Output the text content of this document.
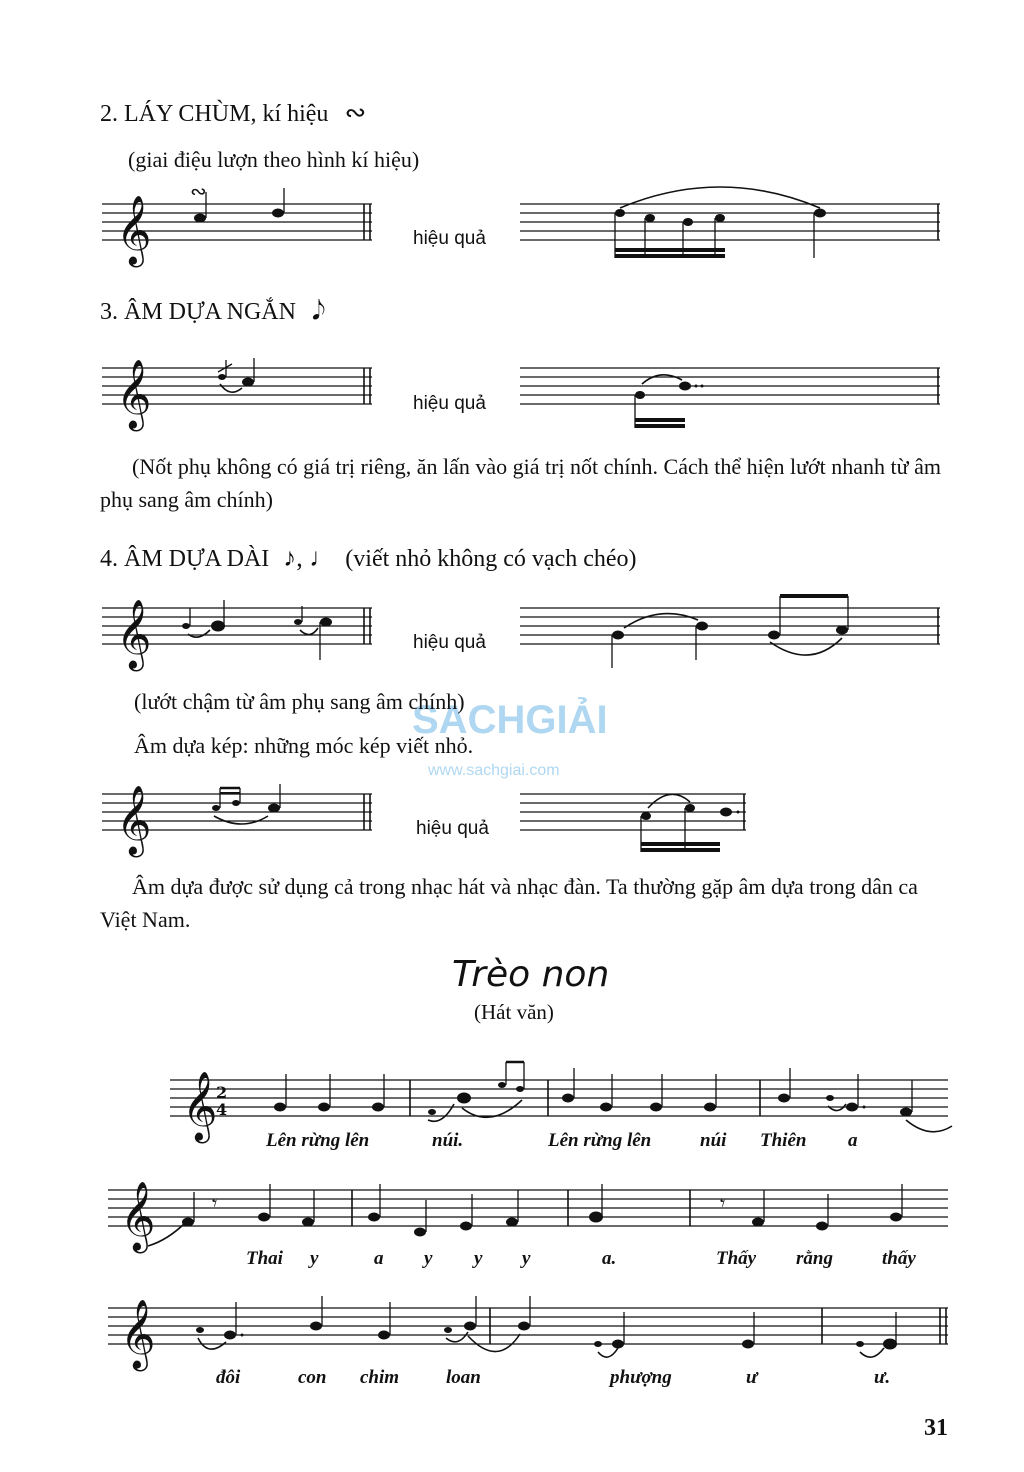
SACHGIẢI
www.sachgiai.com
2. LÁY CHÙM, kí hiệu ∾
(giai điệu lượn theo hình kí hiệu)
𝄞
∾
hiệu quả
3. ÂM DỰA NGẮN 𝅘𝅥𝅮
𝄞	hiệu quả
(Nốt phụ không có giá trị riêng, ăn lấn vào giá trị nốt chính. Cách thể hiện lướt nhanh từ âm phụ sang âm chính)
4. ÂM DỰA DÀI ♪, ♩ (viết nhỏ không có vạch chéo)
𝄞	hiệu quả
(lướt chậm từ âm phụ sang âm chính)
Âm dựa kép: những móc kép viết nhỏ.
𝄞	hiệu quả
Âm dựa được sử dụng cả trong nhạc hát và nhạc đàn. Ta thường gặp âm dựa trong dân ca Việt Nam.
Trèo non
(Hát văn)
𝄞
2
4
Lên rừng lên	núi.	Lên rừng lên	núi Thiên a
𝄞	𝄾	𝄾
Thai y	a y y y	a.	Thấy rằng	thấy
𝄞
đôi	con chim loan	phượng	ư	ư.
31
